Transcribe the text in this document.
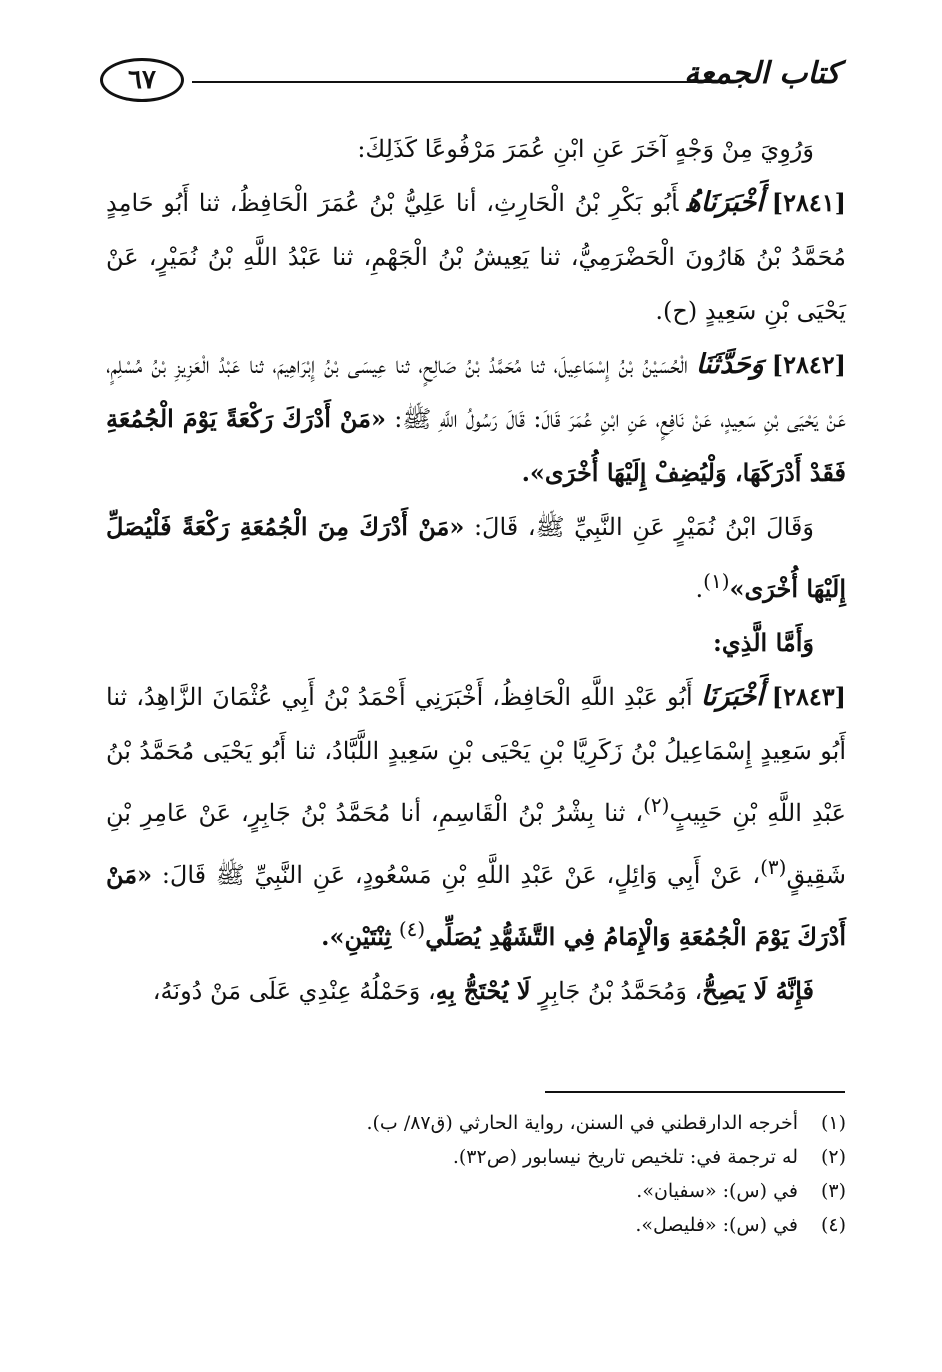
٦٧	كتاب الجمعة

وَرُوِيَ مِنْ وَجْهٍ آخَرَ عَنِ ابْنِ عُمَرَ مَرْفُوعًا كَذَلِكَ:

[٢٨٤١]أَخْبَرَنَاهُأَبُو بَكْرِ بْنُ الْحَارِثِ، أنا عَلِيُّ بْنُ عُمَرَ الْحَافِظُ، ثنا أَبُو حَامِدٍ مُحَمَّدُ بْنُ هَارُونَ الْحَضْرَمِيُّ، ثنا يَعِيشُ بْنُ الْجَهْمِ، ثنا عَبْدُ اللَّهِ بْنُ نُمَيْرٍ، عَنْ يَحْيَى بْنِ سَعِيدٍ (ح).

[٢٨٤٢]وَحَدَّثَنَاالْحُسَيْنُ بْنُ إِسْمَاعِيلَ، ثنا مُحَمَّدُ بْنُ صَالِحٍ، ثنا عِيسَى بْنُ إِبْرَاهِيمَ، ثنا عَبْدُ الْعَزِيزِ بْنُ مُسْلِمٍ، عَنْ يَحْيَى بْنِ سَعِيدٍ، عَنْ نَافِعٍ، عَنِ ابْنِ عُمَرَ قَالَ: قَالَ رَسُولُ اللَّهِ ﷺ: «مَنْ أَدْرَكَ رَكْعَةً يَوْمَ الْجُمُعَةِ فَقَدْ أَدْرَكَهَا، وَلْيُضِفْ إِلَيْهَا أُخْرَى».

وَقَالَ ابْنُ نُمَيْرٍ عَنِ النَّبِيِّ ﷺ، قَالَ: «مَنْ أَدْرَكَ مِنَ الْجُمُعَةِ رَكْعَةً فَلْيُصَلِّ إِلَيْهَا أُخْرَى»$^{(١)}$.

وَأَمَّا الَّذِي:

[٢٨٤٣]أَخْبَرَنَاأَبُو عَبْدِ اللَّهِ الْحَافِظُ، أَخْبَرَنِي أَحْمَدُ بْنُ أَبِي عُثْمَانَ الزَّاهِدُ، ثنا أَبُو سَعِيدٍ إِسْمَاعِيلُ بْنُ زَكَرِيَّا بْنِ يَحْيَى بْنِ سَعِيدٍ اللَّبَّادُ، ثنا أَبُو يَحْيَى مُحَمَّدُ بْنُ عَبْدِ اللَّهِ بْنِ حَبِيبٍ$^{(٢)}$، ثنا بِشْرُ بْنُ الْقَاسِمِ، أنا مُحَمَّدُ بْنُ جَابِرٍ، عَنْ عَامِرِ بْنِ شَقِيقٍ$^{(٣)}$، عَنْ أَبِي وَائِلٍ، عَنْ عَبْدِ اللَّهِ بْنِ مَسْعُودٍ، عَنِ النَّبِيِّ ﷺ قَالَ: «مَنْ أَدْرَكَ يَوْمَ الْجُمُعَةِ وَالْإِمَامُ فِي التَّشَهُّدِ يُصَلِّي$^{(٤)}$ ثِنْتَيْنِ».

فَإِنَّهُ لَا يَصِحُّ، وَمُحَمَّدُ بْنُ جَابِرٍ لَا يُحْتَجُّ بِهِ، وَحَمْلُهُ عِنْدِي عَلَى مَنْ دُونَهُ،

(١)
أخرجه الدارقطني في السنن، رواية الحارثي (ق٨٧/ ب).
(٢)
له ترجمة في: تلخيص تاريخ نيسابور (ص٣٢).
(٣)
في (س): «سفيان».
(٤)
في (س): «فليصل».
